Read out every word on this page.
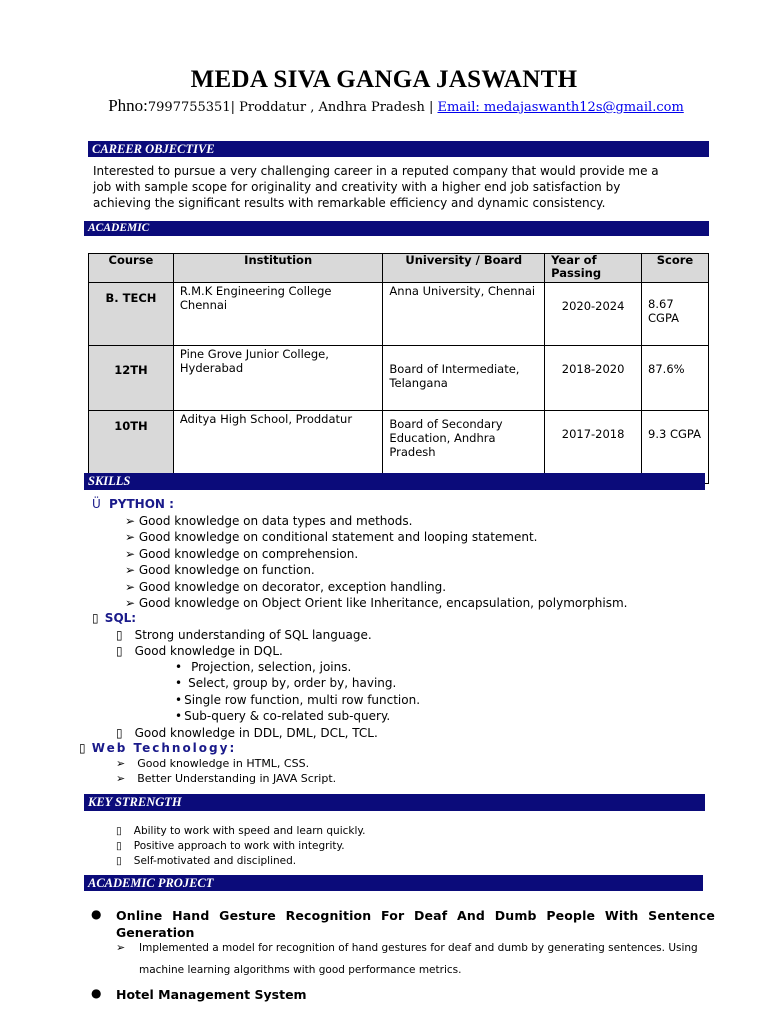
MEDA SIVA GANGA JASWANTH
Phno:7997755351| Proddatur , Andhra Pradesh | Email: medajaswanth12s@gmail.com
CAREER OBJECTIVE
Interested to pursue a very challenging career in a reputed company that would provide me a job with sample scope for originality and creativity with a higher end job satisfaction by achieving the significant results with remarkable efficiency and dynamic consistency.
ACADEMIC
Course	Institution	University / Board	Year of Passing	Score
B. TECH	R.M.K Engineering College Chennai	Anna University, Chennai	2020-2024	8.67 CGPA
12TH	Pine Grove Junior College, Hyderabad	Board of Intermediate, Telangana	2018-2020	87.6%
10TH	Aditya High School, Proddatur	Board of Secondary Education, Andhra Pradesh	2017-2018	9.3 CGPA
SKILLS
Ü PYTHON :
➢ Good knowledge on data types and methods.
➢ Good knowledge on conditional statement and looping statement.
➢ Good knowledge on comprehension.
➢ Good knowledge on function.
➢ Good knowledge on decorator, exception handling.
➢ Good knowledge on Object Orient like Inheritance, encapsulation, polymorphism.
▯ SQL:
▯ Strong understanding of SQL language.
▯ Good knowledge in DQL.
• Projection, selection, joins.
• Select, group by, order by, having.
• Single row function, multi row function.
• Sub-query & co-related sub-query.
▯ Good knowledge in DDL, DML, DCL, TCL.
▯ Web Technology:
➢ Good knowledge in HTML, CSS.
➢ Better Understanding in JAVA Script.
KEY STRENGTH
▯ Ability to work with speed and learn quickly.
▯ Positive approach to work with integrity.
▯ Self-motivated and disciplined.
ACADEMIC PROJECT
● Online Hand Gesture Recognition For Deaf And Dumb People With Sentence
Generation
➢ Implemented a model for recognition of hand gestures for deaf and dumb by generating sentences. Using
machine learning algorithms with good performance metrics.
● Hotel Management System
